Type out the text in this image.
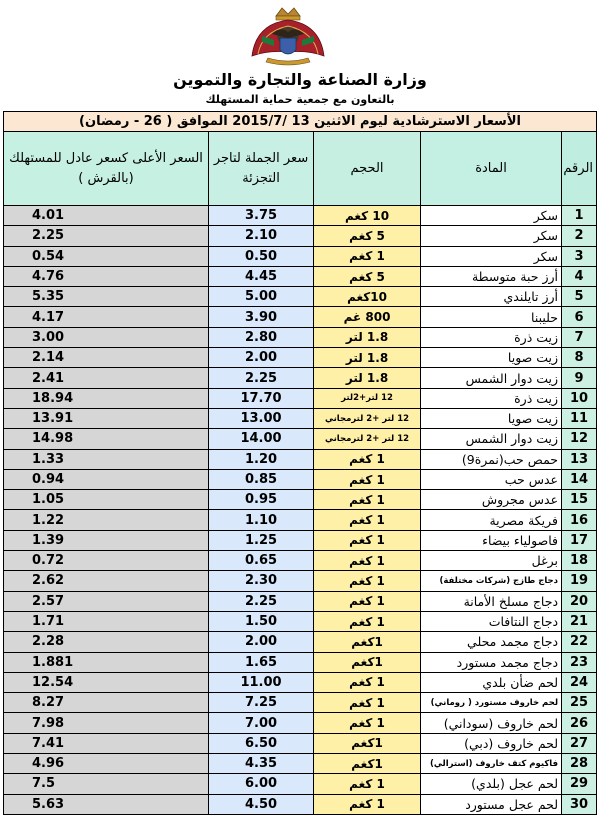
وزارة الصناعة والتجارة والتموين
بالتعاون مع جمعية حماية المستهلك
الأسعار الاسترشادية ليوم الاثنين 13 /2015/7 الموافق ( 26 - رمضان)				
الرقم	المادة	الحجم	سعر الجملة لتاجر التجزئة	السعر الأعلى كسعر عادل للمستهلك (بالقرش )
1	سكر	10 كغم	3.75	4.01
2	سكر	5 كغم	2.10	2.25
3	سكر	1 كغم	0.50	0.54
4	أرز حبة متوسطة	5 كغم	4.45	4.76
5	أرز تايلندي	10كغم	5.00	5.35
6	حليبنا	800 غم	3.90	4.17
7	زيت ذرة	1.8 لتر	2.80	3.00
8	زيت صويا	1.8 لتر	2.00	2.14
9	زيت دوار الشمس	1.8 لتر	2.25	2.41
10	زيت ذرة	12 لتر+2لتر	17.70	18.94
11	زيت صويا	12 لتر +2 لترمجاني	13.00	13.91
12	زيت دوار الشمس	12 لتر +2 لترمجاني	14.00	14.98
13	حمص حب(نمرة9)	1 كغم	1.20	1.33
14	عدس حب	1 كغم	0.85	0.94
15	عدس مجروش	1 كغم	0.95	1.05
16	فريكة مصرية	1 كغم	1.10	1.22
17	فاصولياء بيضاء	1 كغم	1.25	1.39
18	برغل	1 كغم	0.65	0.72
19	دجاج طازج (شركات مختلفة)	1 كغم	2.30	2.62
20	دجاج مسلخ الأمانة	1 كغم	2.25	2.57
21	دجاج النتافات	1 كغم	1.50	1.71
22	دجاج مجمد محلي	1كغم	2.00	2.28
23	دجاج مجمد مستورد	1كغم	1.65	1.881
24	لحم ضأن بلدي	1 كغم	11.00	12.54
25	لحم خاروف مستورد ( روماني)	1 كغم	7.25	8.27
26	لحم خاروف (سوداني)	1 كغم	7.00	7.98
27	لحم خاروف (دبي)	1كغم	6.50	7.41
28	فاكيوم كتف خاروف (استرالي)	1كغم	4.35	4.96
29	لحم عجل (بلدي)	1 كغم	6.00	7.5
30	لحم عجل مستورد	1 كغم	4.50	5.63
